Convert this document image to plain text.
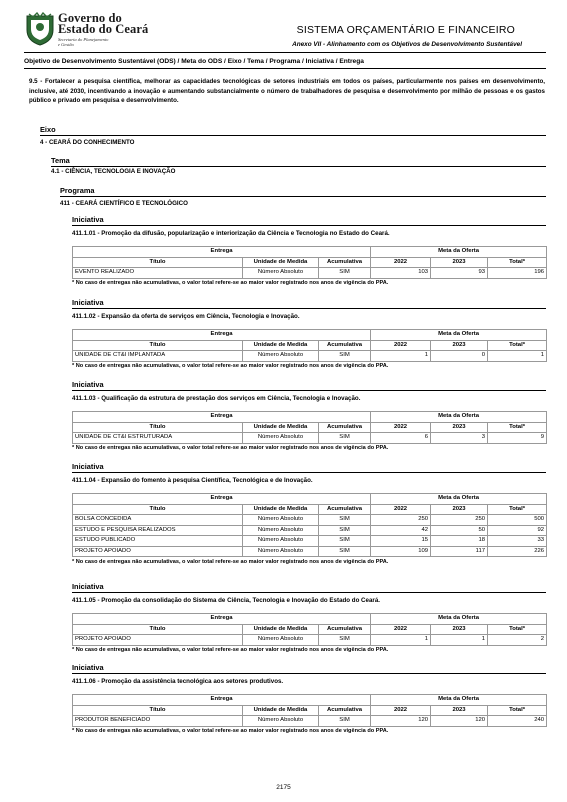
Governo do
Estado do Ceará
Secretaria do Planejamento
e Gestão
SISTEMA ORÇAMENTÁRIO E FINANCEIRO
Anexo VII - Alinhamento com os Objetivos de Desenvolvimento Sustentável
Objetivo de Desenvolvimento Sustentável (ODS) / Meta do ODS / Eixo / Tema / Programa / Iniciativa / Entrega
9.5 - Fortalecer a pesquisa científica, melhorar as capacidades tecnológicas de setores industriais em todos os países, particularmente nos países em desenvolvimento, inclusive, até 2030, incentivando a inovação e aumentando substancialmente o número de trabalhadores de pesquisa e desenvolvimento por milhão de pessoas e os gastos público e privado em pesquisa e desenvolvimento.
Eixo
4 - CEARÁ DO CONHECIMENTO
Tema
4.1 - CIÊNCIA, TECNOLOGIA E INOVAÇÃO
Programa
411 - CEARÁ CIENTÍFICO E TECNOLÓGICO
Iniciativa
411.1.01 - Promoção da difusão, popularização e interiorização da Ciência e Tecnologia no Estado do Ceará.
Entrega			Meta da Oferta		
Título	Unidade de Medida	Acumulativa	2022	2023	Total*
EVENTO REALIZADO	Número Absoluto	SIM	103	93	196
* No caso de entregas não acumulativas, o valor total refere-se ao maior valor registrado nos anos de vigência do PPA.
Iniciativa
411.1.02 - Expansão da oferta de serviços em Ciência, Tecnologia e Inovação.
Entrega			Meta da Oferta		
Título	Unidade de Medida	Acumulativa	2022	2023	Total*
UNIDADE DE CT&I IMPLANTADA	Número Absoluto	SIM	1	0	1
* No caso de entregas não acumulativas, o valor total refere-se ao maior valor registrado nos anos de vigência do PPA.
Iniciativa
411.1.03 - Qualificação da estrutura de prestação dos serviços em Ciência, Tecnologia e Inovação.
Entrega			Meta da Oferta		
Título	Unidade de Medida	Acumulativa	2022	2023	Total*
UNIDADE DE CT&I ESTRUTURADA	Número Absoluto	SIM	6	3	9
* No caso de entregas não acumulativas, o valor total refere-se ao maior valor registrado nos anos de vigência do PPA.
Iniciativa
411.1.04 - Expansão do fomento à pesquisa Científica, Tecnológica e de Inovação.
Entrega			Meta da Oferta		
Título	Unidade de Medida	Acumulativa	2022	2023	Total*
BOLSA CONCEDIDA	Número Absoluto	SIM	250	250	500
ESTUDO E PESQUISA REALIZADOS	Número Absoluto	SIM	42	50	92
ESTUDO PUBLICADO	Número Absoluto	SIM	15	18	33
PROJETO APOIADO	Número Absoluto	SIM	109	117	226
* No caso de entregas não acumulativas, o valor total refere-se ao maior valor registrado nos anos de vigência do PPA.
Iniciativa
411.1.05 - Promoção da consolidação do Sistema de Ciência, Tecnologia e Inovação do Estado do Ceará.
Entrega			Meta da Oferta		
Título	Unidade de Medida	Acumulativa	2022	2023	Total*
PROJETO APOIADO	Número Absoluto	SIM	1	1	2
* No caso de entregas não acumulativas, o valor total refere-se ao maior valor registrado nos anos de vigência do PPA.
Iniciativa
411.1.06 - Promoção da assistência tecnológica aos setores produtivos.
Entrega			Meta da Oferta		
Título	Unidade de Medida	Acumulativa	2022	2023	Total*
PRODUTOR BENEFICIADO	Número Absoluto	SIM	120	120	240
* No caso de entregas não acumulativas, o valor total refere-se ao maior valor registrado nos anos de vigência do PPA.
2175
